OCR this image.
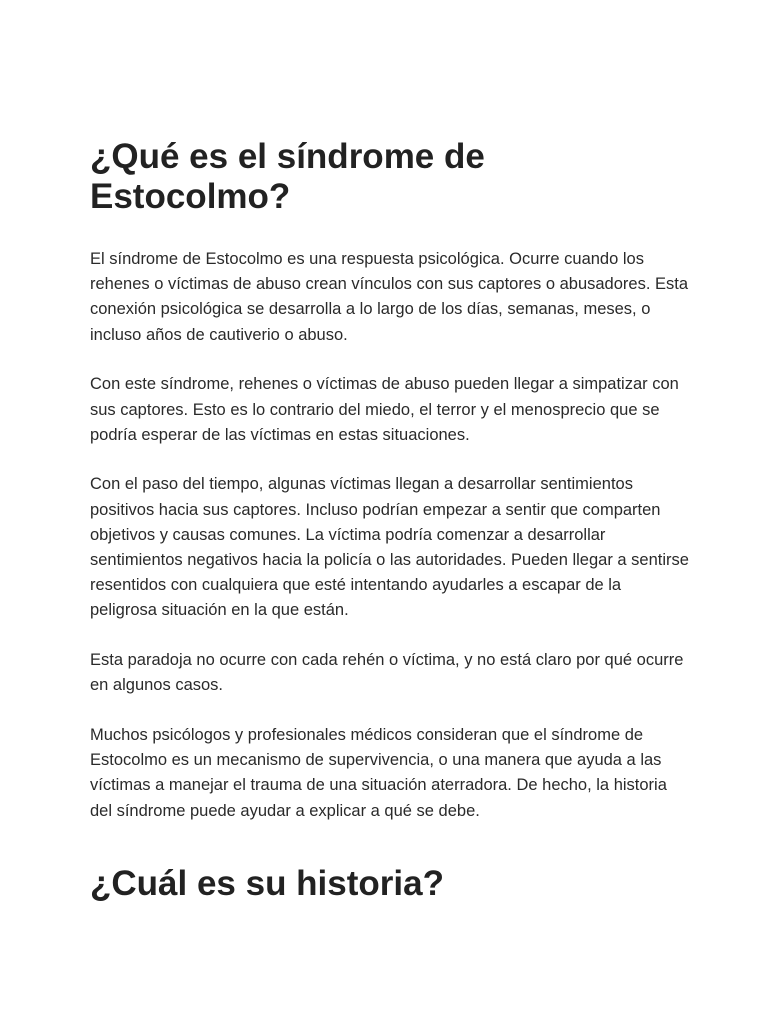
¿Qué es el síndrome de Estocolmo?

El síndrome de Estocolmo es una respuesta psicológica. Ocurre cuando los rehenes o víctimas de abuso crean vínculos con sus captores o abusadores. Esta conexión psicológica se desarrolla a lo largo de los días, semanas, meses, o incluso años de cautiverio o abuso.

Con este síndrome, rehenes o víctimas de abuso pueden llegar a simpatizar con sus captores. Esto es lo contrario del miedo, el terror y el menosprecio que se podría esperar de las víctimas en estas situaciones.

Con el paso del tiempo, algunas víctimas llegan a desarrollar sentimientos positivos hacia sus captores. Incluso podrían empezar a sentir que comparten objetivos y causas comunes. La víctima podría comenzar a desarrollar sentimientos negativos hacia la policía o las autoridades. Pueden llegar a sentirse resentidos con cualquiera que esté intentando ayudarles a escapar de la peligrosa situación en la que están.

Esta paradoja no ocurre con cada rehén o víctima, y no está claro por qué ocurre en algunos casos.

Muchos psicólogos y profesionales médicos consideran que el síndrome de Estocolmo es un mecanismo de supervivencia, o una manera que ayuda a las víctimas a manejar el trauma de una situación aterradora. De hecho, la historia del síndrome puede ayudar a explicar a qué se debe.

¿Cuál es su historia?
